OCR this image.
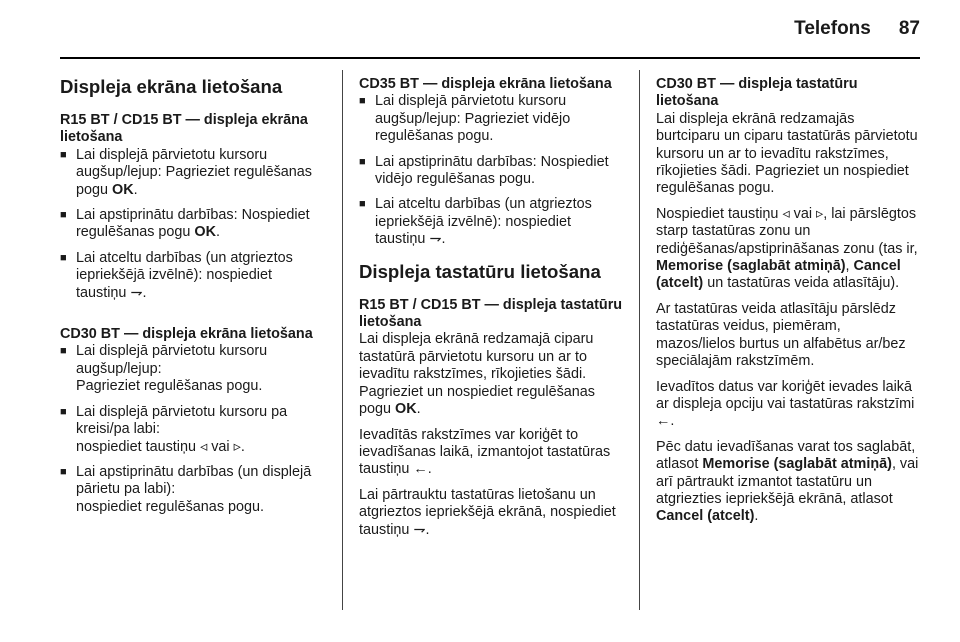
Telefons 87
Displeja ekrāna lietošana
R15 BT / CD15 BT — displeja ekrāna lietošana
■ Lai displejā pārvietotu kursoru augšup/lejup: Pagrieziet regulēšanas pogu OK.
■ Lai apstiprinātu darbības: Nospiediet regulēšanas pogu OK.
■ Lai atceltu darbības (un atgrieztos iepriekšējā izvēlnē): nospiediet taustiņu ⇁.
CD30 BT — displeja ekrāna lietošana
■ Lai displejā pārvietotu kursoru augšup/lejup:
Pagrieziet regulēšanas pogu.
■ Lai displejā pārvietotu kursoru pa kreisi/pa labi:
nospiediet taustiņu ◃ vai ▹.
■ Lai apstiprinātu darbības (un displejā pārietu pa labi):
nospiediet regulēšanas pogu.
CD35 BT — displeja ekrāna lietošana
■ Lai displejā pārvietotu kursoru augšup/lejup: Pagrieziet vidējo regulēšanas pogu.
■ Lai apstiprinātu darbības: Nospiediet vidējo regulēšanas pogu.
■ Lai atceltu darbības (un atgrieztos iepriekšējā izvēlnē): nospiediet taustiņu ⇁.
Displeja tastatūru lietošana
R15 BT / CD15 BT — displeja tastatūru lietošana

Lai displeja ekrānā redzamajā ciparu tastatūrā pārvietotu kursoru un ar to ievadītu rakstzīmes, rīkojieties šādi. Pagrieziet un nospiediet regulēšanas pogu OK.

Ievadītās rakstzīmes var koriģēt to ievadīšanas laikā, izmantojot tastatūras taustiņu ←.

Lai pārtrauktu tastatūras lietošanu un atgrieztos iepriekšējā ekrānā, nospiediet taustiņu ⇁.

CD30 BT — displeja tastatūru lietošana

Lai displeja ekrānā redzamajās burtciparu un ciparu tastatūrās pārvietotu kursoru un ar to ievadītu rakstzīmes, rīkojieties šādi. Pagrieziet un nospiediet regulēšanas pogu.

Nospiediet taustiņu ◃ vai ▹, lai pārslēgtos starp tastatūras zonu un rediģēšanas/apstiprināšanas zonu (tas ir, Memorise (saglabāt atmiņā), Cancel (atcelt) un tastatūras veida atlasītāju).

Ar tastatūras veida atlasītāju pārslēdz tastatūras veidus, piemēram, mazos/lielos burtus un alfabētus ar/bez speciālajām rakstzīmēm.

Ievadītos datus var koriģēt ievades laikā ar displeja opciju vai tastatūras rakstzīmi ←.

Pēc datu ievadīšanas varat tos saglabāt, atlasot Memorise (saglabāt atmiņā), vai arī pārtraukt izmantot tastatūru un atgriezties iepriekšējā ekrānā, atlasot Cancel (atcelt).
